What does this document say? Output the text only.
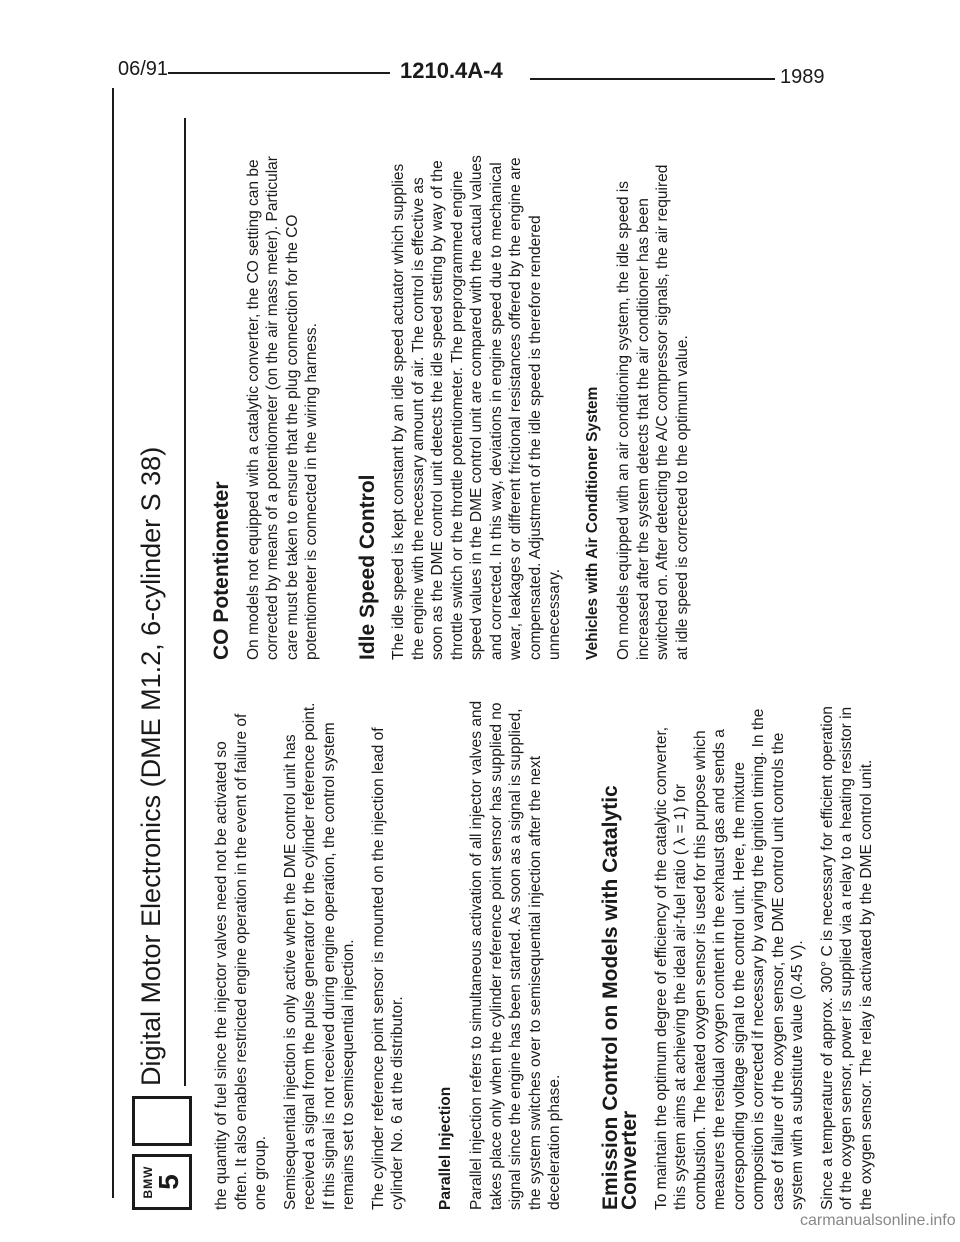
06/91	1210.4A-4	1989
BMW
5
Digital Motor Electronics (DME M1.2, 6-cylinder S 38)	the quantity of fuel since the injector valves need not be activated so often. It also enables restricted engine operation in the event of failure of one group. Semisequential injection is only active when the DME control unit has received a signal from the pulse generator for the cylinder reference point. If this signal is not received during engine operation, the control system remains set to semisequential injection. The cylinder reference point sensor is mounted on the injection lead of cylinder No. 6 at the distributor. Parallel Injection Parallel injection refers to simultaneous activation of all injector valves and takes place only when the cylinder reference point sensor has supplied no signal since the engine has been started. As soon as a signal is supplied, the system switches over to semisequential injection after the next deceleration phase. Emission Control on Models with Catalytic Converter To maintain the optimum degree of efficiency of the catalytic converter, this system aims at achieving the ideal air-fuel ratio ( λ = 1) for combustion. The heated oxygen sensor is used for this purpose which measures the residual oxygen content in the exhaust gas and sends a corresponding voltage signal to the control unit. Here, the mixture composition is corrected if necessary by varying the ignition timing. In the case of failure of the oxygen sensor, the DME control unit controls the system with a substitute value (0.45 V). Since a temperature of approx. 300° C is necessary for efficient operation of the oxygen sensor, power is supplied via a relay to a heating resistor in the oxygen sensor. The relay is activated by the DME control unit.

CO Potentiometer On models not equipped with a catalytic converter, the CO setting can be corrected by means of a potentiometer (on the air mass meter). Particular care must be taken to ensure that the plug connection for the CO potentiometer is connected in the wiring harness. Idle Speed Control The idle speed is kept constant by an idle speed actuator which supplies the engine with the necessary amount of air. The control is effective as soon as the DME control unit detects the idle speed setting by way of the throttle switch or the throttle potentiometer. The preprogrammed engine speed values in the DME control unit are compared with the actual values and corrected. In this way, deviations in engine speed due to mechanical wear, leakages or different frictional resistances offered by the engine are compensated. Adjustment of the idle speed is therefore rendered unnecessary. Vehicles with Air Conditioner System On models equipped with an air conditioning system, the idle speed is increased after the system detects that the air conditioner has been switched on. After detecting the A/C compressor signals, the air required at idle speed is corrected to the optimum value.

carmanualsonline.info
